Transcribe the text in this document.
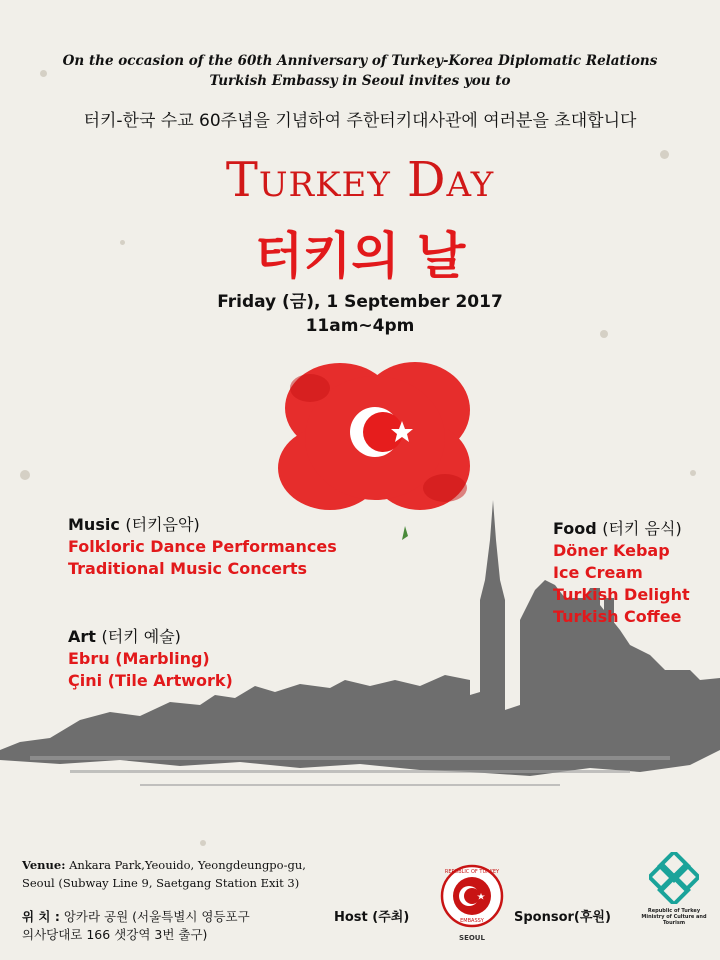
On the occasion of the 60th Anniversary of Turkey-Korea Diplomatic Relations
Turkish Embassy in Seoul invites you to
터키-한국 수교 60주념을 기념하여 주한터키대사관에 여러분을 초대합니다
Turkey Day
터키의 날
Friday (금), 1 September 2017
11am~4pm
Music (터키음악)
Folkloric Dance Performances
Traditional Music Concerts
Art (터키 예술)
Ebru (Marbling)
Çini (Tile Artwork)
Food (터키 음식)
Döner Kebap
Ice Cream
Turkish Delight
Turkish Coffee
Venue: Ankara Park,Yeouido, Yeongdeungpo-gu,
Seoul (Subway Line 9, Saetgang Station Exit 3)
위 치 : 앙카라 공원 (서울특별시 영등포구
의사당대로 166 샛강역 3번 출구)
Host (주최)
REPUBLIC OF TURKEY
EMBASSY
SEOUL
Sponsor(후원)	Republic of Turkey Ministry of Culture and Tourism
